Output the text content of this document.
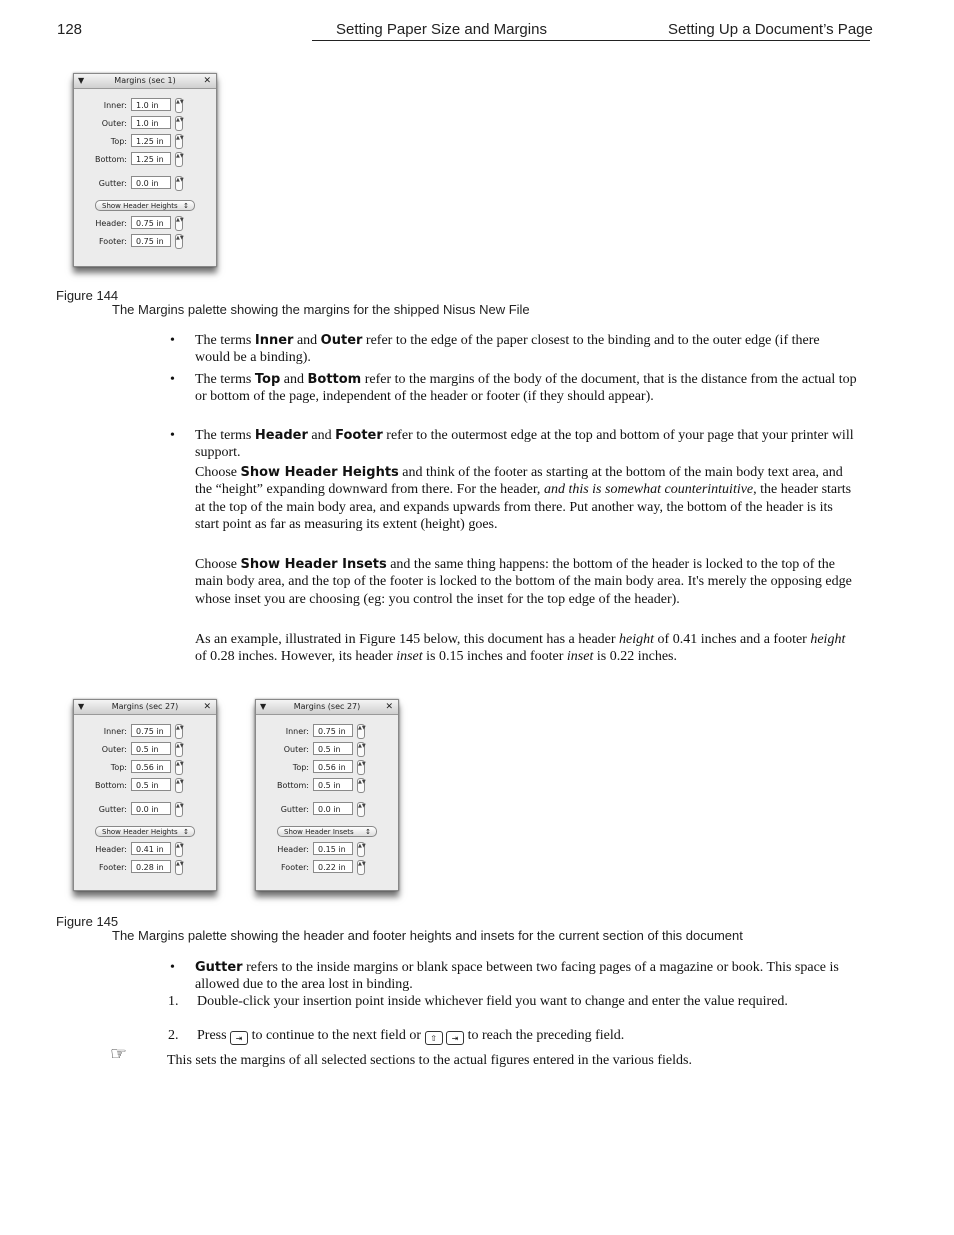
128	Setting Paper Size and Margins	Setting Up a Document’s Page
▼	Margins (sec 1)	✕
Inner:	1.0 in	▲▼
Outer:	1.0 in	▲▼
Top:	1.25 in	▲▼
Bottom:	1.25 in	▲▼
Gutter:	0.0 in	▲▼
Show Header Heights ↕
Header:	0.75 in	▲▼
Footer:	0.75 in	▲▼
Figure 144
The Margins palette showing the margins for the shipped Nisus New File
• The terms Inner and Outer refer to the edge of the paper closest to the binding and to the outer edge (if there would be a binding).
• The terms Top and Bottom refer to the margins of the body of the document, that is the distance from the actual top or bottom of the page, independent of the header or footer (if they should appear).
• The terms Header and Footer refer to the outermost edge at the top and bottom of your page that your printer will support.
Choose Show Header Heights and think of the footer as starting at the bottom of the main body text area, and the “height” expanding downward from there. For the header, and this is somewhat counterintuitive, the header starts at the top of the main body area, and expands upwards from there. Put another way, the bottom of the header is its start point as far as measuring its extent (height) goes.
Choose Show Header Insets and the same thing happens: the bottom of the header is locked to the top of the main body area, and the top of the footer is locked to the bottom of the main body area. It's merely the opposing edge whose inset you are choosing (eg: you control the inset for the top edge of the header).
As an example, illustrated in Figure 145 below, this document has a header height of 0.41 inches and a footer height of 0.28 inches. However, its header inset is 0.15 inches and footer inset is 0.22 inches.
▼	Margins (sec 27)	✕
Inner:	0.75 in	▲▼
Outer:	0.5 in	▲▼
Top:	0.56 in	▲▼
Bottom:	0.5 in	▲▼
Gutter:	0.0 in	▲▼
Show Header Heights ↕
Header:	0.41 in	▲▼
Footer:	0.28 in	▲▼
▼	Margins (sec 27)	✕
Inner:	0.75 in	▲▼
Outer:	0.5 in	▲▼
Top:	0.56 in	▲▼
Bottom:	0.5 in	▲▼
Gutter:	0.0 in	▲▼
Show Header Insets ↕
Header:	0.15 in	▲▼
Footer:	0.22 in	▲▼
Figure 145
The Margins palette showing the header and footer heights and insets for the current section of this document
• Gutter refers to the inside margins or blank space between two facing pages of a magazine or book. This space is allowed due to the area lost in binding.
1. Double-click your insertion point inside whichever field you want to change and enter the value required.
2. Press ⇥ to continue to the next field or ⇧ ⇥ to reach the preceding field.
☞	This sets the margins of all selected sections to the actual figures entered in the various fields.
